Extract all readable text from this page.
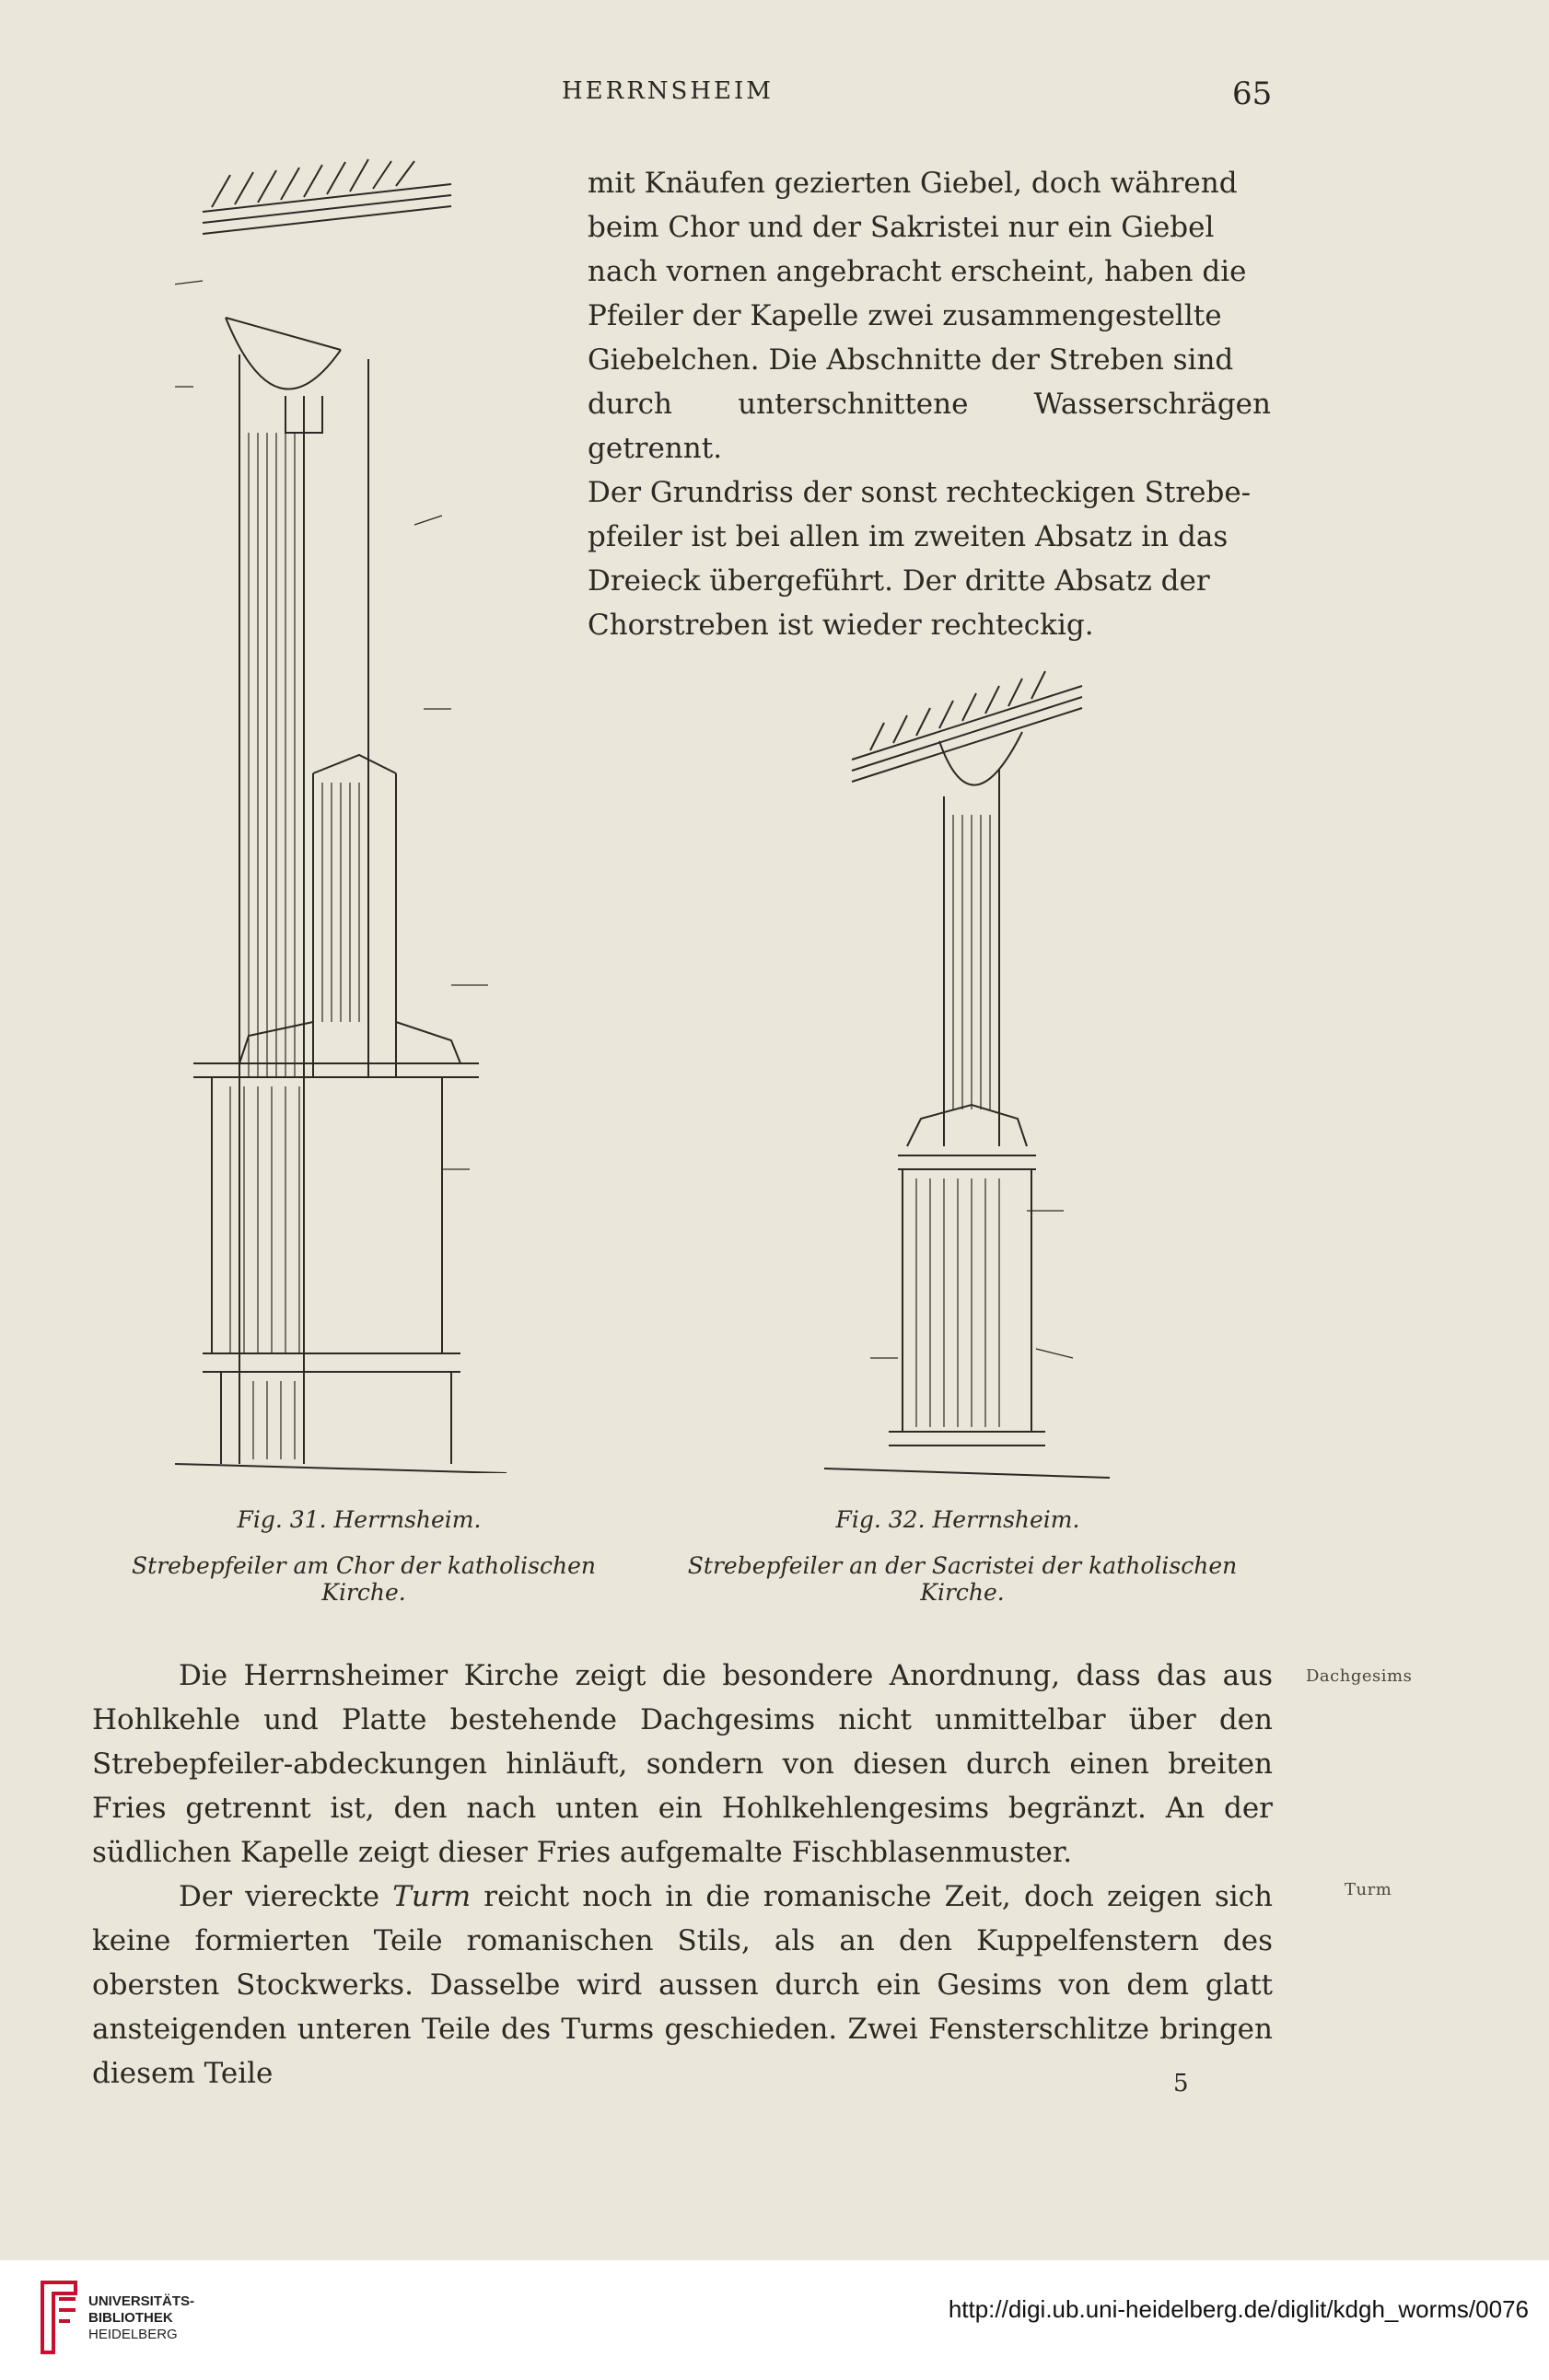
HERRNSHEIM	65

mit Knäufen gezierten Giebel, doch während

beim Chor und der Sakristei nur ein Giebel

nach vornen angebracht erscheint, haben die

Pfeiler der Kapelle zwei zusammengestellte

Giebelchen. Die Abschnitte der Streben sind

durch unterschnittene Wasserschrägen getrennt.

Der Grundriss der sonst rechteckigen Strebe-

pfeiler ist bei allen im zweiten Absatz in das

Dreieck übergeführt. Der dritte Absatz der

Chorstreben ist wieder rechteckig.

Fig. 31. Herrnsheim.
Strebepfeiler am Chor der katholischen Kirche.
Fig. 32. Herrnsheim.
Strebepfeiler an der Sacristei der katholischen Kirche.

Die Herrnsheimer Kirche zeigt die besondere Anordnung, dass das aus Hohlkehle und Platte bestehende Dachgesims nicht unmittelbar über den Strebepfeiler-abdeckungen hinläuft, sondern von diesen durch einen breiten Fries getrennt ist, den nach unten ein Hohlkehlengesims begränzt. An der südlichen Kapelle zeigt dieser Fries aufgemalte Fischblasenmuster.

Der viereckte Turm reicht noch in die romanische Zeit, doch zeigen sich keine formierten Teile romanischen Stils, als an den Kuppelfenstern des obersten Stockwerks. Dasselbe wird aussen durch ein Gesims von dem glatt ansteigenden unteren Teile des Turms geschieden. Zwei Fensterschlitze bringen diesem Teile

Dachgesims
Turm
5
UNIVERSITÄTS-
BIBLIOTHEK
HEIDELBERG
http://digi.ub.uni-heidelberg.de/diglit/kdgh_worms/0076
